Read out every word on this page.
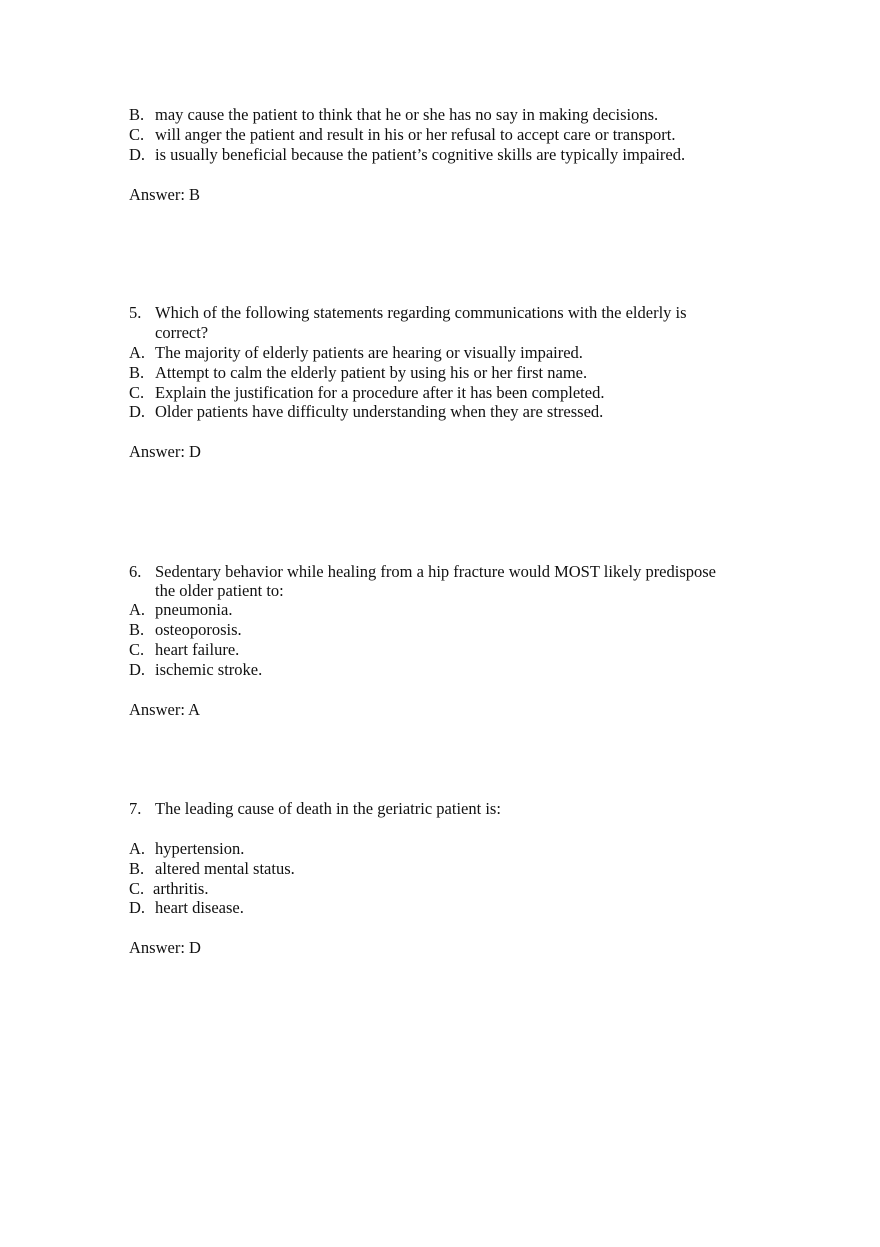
B. may cause the patient to think that he or she has no say in making decisions.
C. will anger the patient and result in his or her refusal to accept care or transport.
D. is usually beneficial because the patient’s cognitive skills are typically impaired.
Answer: B
5. Which of the following statements regarding communications with the elderly is
correct?
A. The majority of elderly patients are hearing or visually impaired.
B. Attempt to calm the elderly patient by using his or her first name.
C. Explain the justification for a procedure after it has been completed.
D. Older patients have difficulty understanding when they are stressed.
Answer: D
6. Sedentary behavior while healing from a hip fracture would MOST likely predispose
the older patient to:
A. pneumonia.
B. osteoporosis.
C. heart failure.
D. ischemic stroke.
Answer: A
7. The leading cause of death in the geriatric patient is:
A. hypertension.
B. altered mental status.
C. arthritis.
D. heart disease.
Answer: D
